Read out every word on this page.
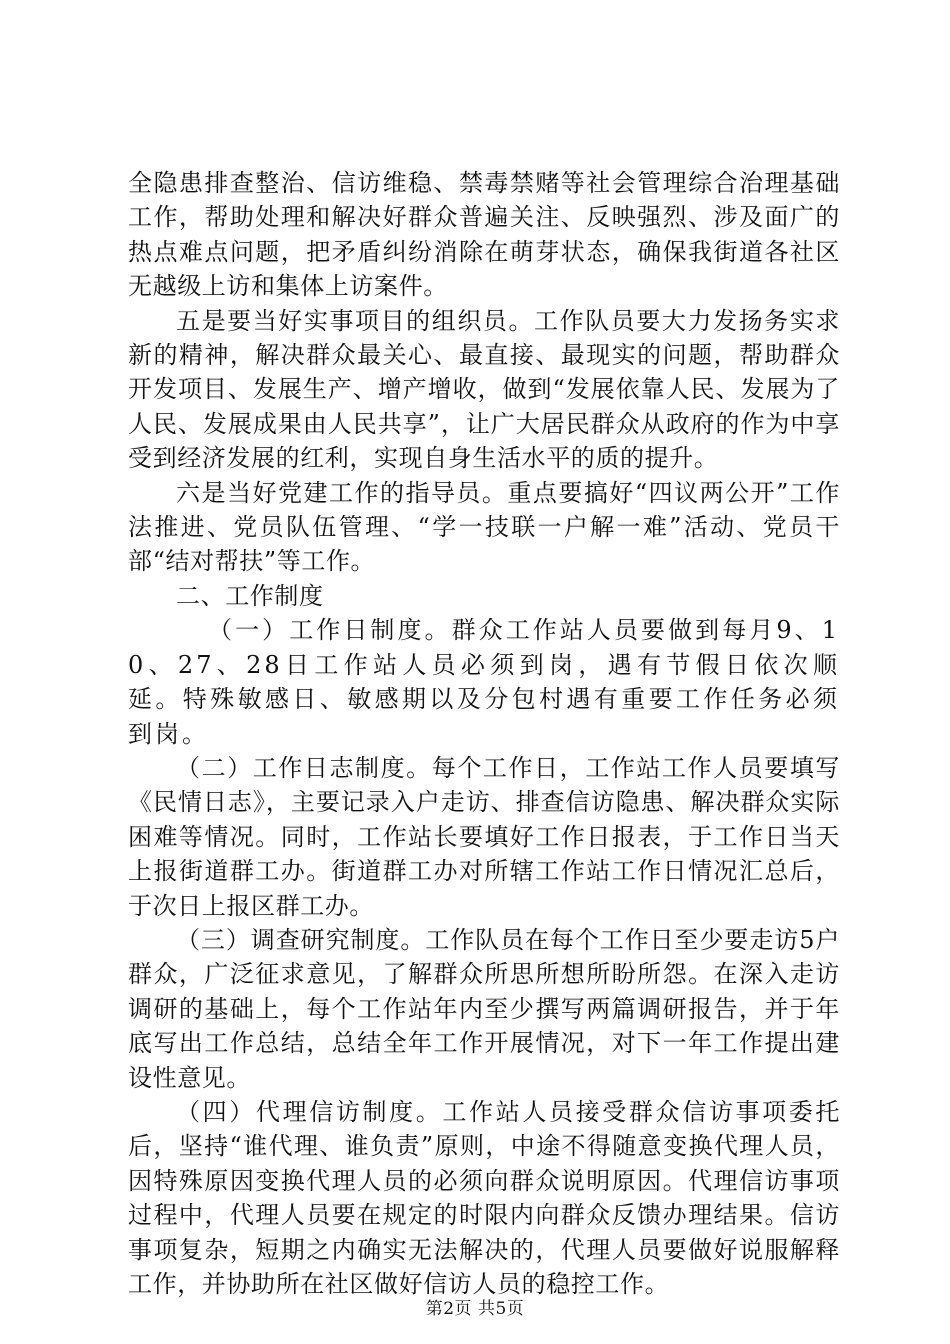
全隐患排查整治、信访维稳、禁毒禁赌等社会管理综合治理基础工作，帮助处理和解决好群众普遍关注、反映强烈、涉及面广的热点难点问题，把矛盾纠纷消除在萌芽状态，确保我街道各社区无越级上访和集体上访案件。

五是要当好实事项目的组织员。工作队员要大力发扬务实求新的精神，解决群众最关心、最直接、最现实的问题，帮助群众开发项目、发展生产、增产增收，做到“发展依靠人民、发展为了人民、发展成果由人民共享”，让广大居民群众从政府的作为中享受到经济发展的红利，实现自身生活水平的质的提升。

六是当好党建工作的指导员。重点要搞好“四议两公开”工作法推进、党员队伍管理、“学一技联一户解一难”活动、党员干部“结对帮扶”等工作。

二、工作制度

（一）工作日制度。群众工作站人员要做到每月9、10、27、28日工作站人员必须到岗，遇有节假日依次顺延。特殊敏感日、敏感期以及分包村遇有重要工作任务必须到岗。

（二）工作日志制度。每个工作日，工作站工作人员要填写《民情日志》，主要记录入户走访、排查信访隐患、解决群众实际困难等情况。同时，工作站长要填好工作日报表，于工作日当天上报街道群工办。街道群工办对所辖工作站工作日情况汇总后，于次日上报区群工办。

（三）调查研究制度。工作队员在每个工作日至少要走访5户群众，广泛征求意见，了解群众所思所想所盼所怨。在深入走访调研的基础上，每个工作站年内至少撰写两篇调研报告，并于年底写出工作总结，总结全年工作开展情况，对下一年工作提出建设性意见。

（四）代理信访制度。工作站人员接受群众信访事项委托后，坚持“谁代理、谁负责”原则，中途不得随意变换代理人员，因特殊原因变换代理人员的必须向群众说明原因。代理信访事项过程中，代理人员要在规定的时限内向群众反馈办理结果。信访事项复杂，短期之内确实无法解决的，代理人员要做好说服解释工作，并协助所在社区做好信访人员的稳控工作。

第2页 共5页
